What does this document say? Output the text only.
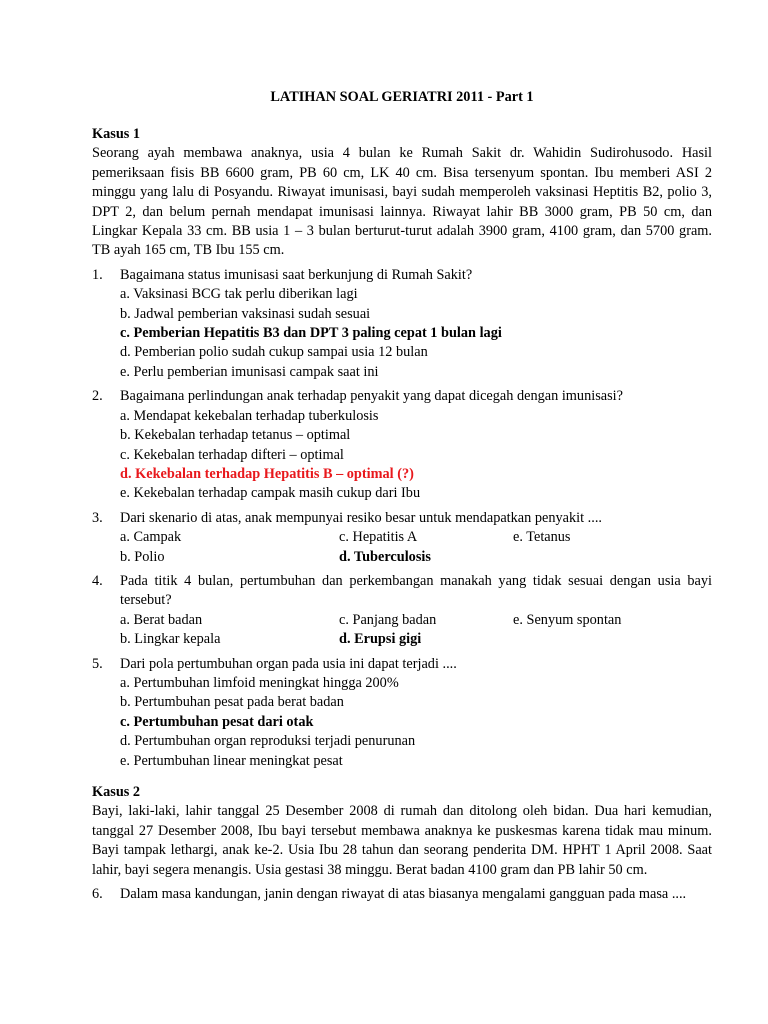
LATIHAN SOAL GERIATRI 2011 - Part 1
Kasus 1
Seorang ayah membawa anaknya, usia 4 bulan ke Rumah Sakit dr. Wahidin Sudirohusodo. Hasil pemeriksaan fisis BB 6600 gram, PB 60 cm, LK 40 cm. Bisa tersenyum spontan. Ibu memberi ASI 2 minggu yang lalu di Posyandu. Riwayat imunisasi, bayi sudah memperoleh vaksinasi Heptitis B2, polio 3, DPT 2, dan belum pernah mendapat imunisasi lainnya. Riwayat lahir BB 3000 gram, PB 50 cm, dan Lingkar Kepala 33 cm. BB usia 1 – 3 bulan berturut-turut adalah 3900 gram, 4100 gram, dan 5700 gram. TB ayah 165 cm, TB Ibu 155 cm.
1. Bagaimana status imunisasi saat berkunjung di Rumah Sakit?
a. Vaksinasi BCG tak perlu diberikan lagi
b. Jadwal pemberian vaksinasi sudah sesuai
c. Pemberian Hepatitis B3 dan DPT 3 paling cepat 1 bulan lagi
d. Pemberian polio sudah cukup sampai usia 12 bulan
e. Perlu pemberian imunisasi campak saat ini
2. Bagaimana perlindungan anak terhadap penyakit yang dapat dicegah dengan imunisasi?
a. Mendapat kekebalan terhadap tuberkulosis
b. Kekebalan terhadap tetanus – optimal
c. Kekebalan terhadap difteri – optimal
d. Kekebalan terhadap Hepatitis B – optimal (?)
e. Kekebalan terhadap campak masih cukup dari Ibu
3. Dari skenario di atas, anak mempunyai resiko besar untuk mendapatkan penyakit ....
a. Campak	c. Hepatitis A	e. Tetanus
b. Polio	d. Tuberculosis
4. Pada titik 4 bulan, pertumbuhan dan perkembangan manakah yang tidak sesuai dengan usia bayi tersebut?
a. Berat badan	c. Panjang badan	e. Senyum spontan
b. Lingkar kepala	d. Erupsi gigi
5. Dari pola pertumbuhan organ pada usia ini dapat terjadi ....
a. Pertumbuhan limfoid meningkat hingga 200%
b. Pertumbuhan pesat pada berat badan
c. Pertumbuhan pesat dari otak
d. Pertumbuhan organ reproduksi terjadi penurunan
e. Pertumbuhan linear meningkat pesat
Kasus 2
Bayi, laki-laki, lahir tanggal 25 Desember 2008 di rumah dan ditolong oleh bidan. Dua hari kemudian, tanggal 27 Desember 2008, Ibu bayi tersebut membawa anaknya ke puskesmas karena tidak mau minum. Bayi tampak lethargi, anak ke-2. Usia Ibu 28 tahun dan seorang penderita DM. HPHT 1 April 2008. Saat lahir, bayi segera menangis. Usia gestasi 38 minggu. Berat badan 4100 gram dan PB lahir 50 cm.
6. Dalam masa kandungan, janin dengan riwayat di atas biasanya mengalami gangguan pada masa ....
